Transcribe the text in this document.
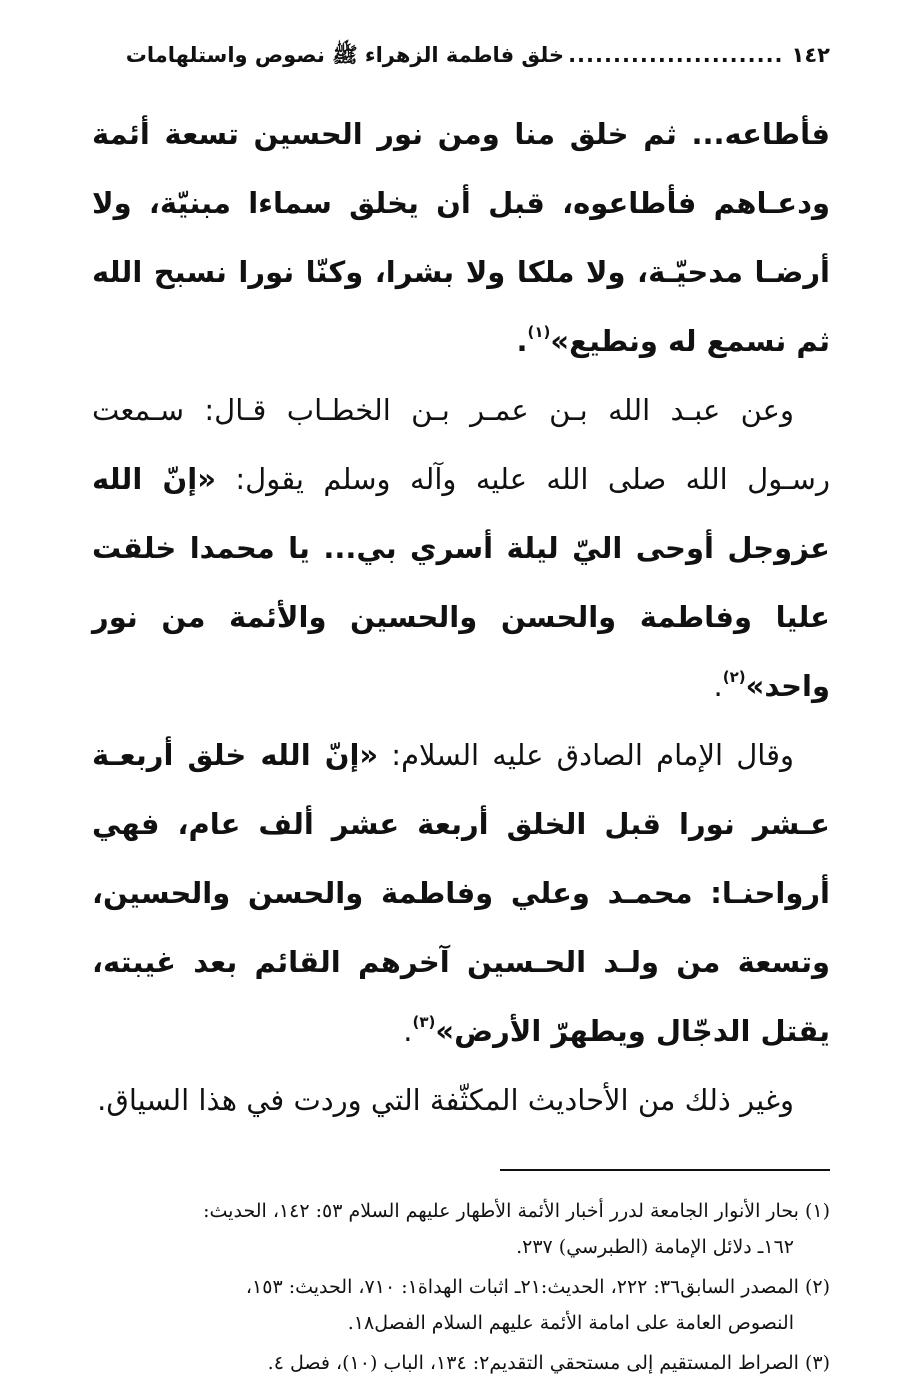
١٤٢
........................
خلق فاطمة الزهراء ﷺ نصوص واستلهامات

فأطاعه... ثم خلق منا ومن نور الحسين تسعة أئمة ودعـاهم فأطاعوه، قبل أن يخلق سماءا مبنيّة، ولا أرضـا مدحيّـة، ولا ملكا ولا بشرا، وكنّا نورا نسبح الله ثم نسمع له ونطيع»$^{(١)}$.

وعن عبـد الله بـن عمـر بـن الخطـاب قـال: سـمعت رسـول الله صلى الله عليه وآله وسلم يقول: «إنّ الله عزوجل أوحى اليّ ليلة أسري بي... يا محمدا خلقت عليا وفاطمة والحسن والحسين والأئمة من نور واحد»$^{(٢)}$.

وقال الإمام الصادق عليه السلام: «إنّ الله خلق أربعـة عـشر نورا قبل الخلق أربعة عشر ألف عام، فهي أرواحنـا: محمـد وعلي وفاطمة والحسن والحسين، وتسعة من ولـد الحـسين آخرهم القائم بعد غيبته، يقتل الدجّال ويطهرّ الأرض»$^{(٣)}$.

وغير ذلك من الأحاديث المكثّفة التي وردت في هذا السياق.

(١) بحار الأنوار الجامعة لدرر أخبار الأئمة الأطهار عليهم السلام ٥٣: ١٤٢، الحديث:
١٦٢ـ دلائل الإمامة (الطبرسي) ٢٣٧.

(٢) المصدر السابق٣٦: ٢٢٢، الحديث:٢١ـ اثبات الهداة١: ٧١٠، الحديث: ١٥٣،
النصوص العامة على امامة الأئمة عليهم السلام الفصل١٨.

(٣) الصراط المستقيم إلى مستحقي التقديم٢: ١٣٤، الباب (١٠)، فصل ٤.
